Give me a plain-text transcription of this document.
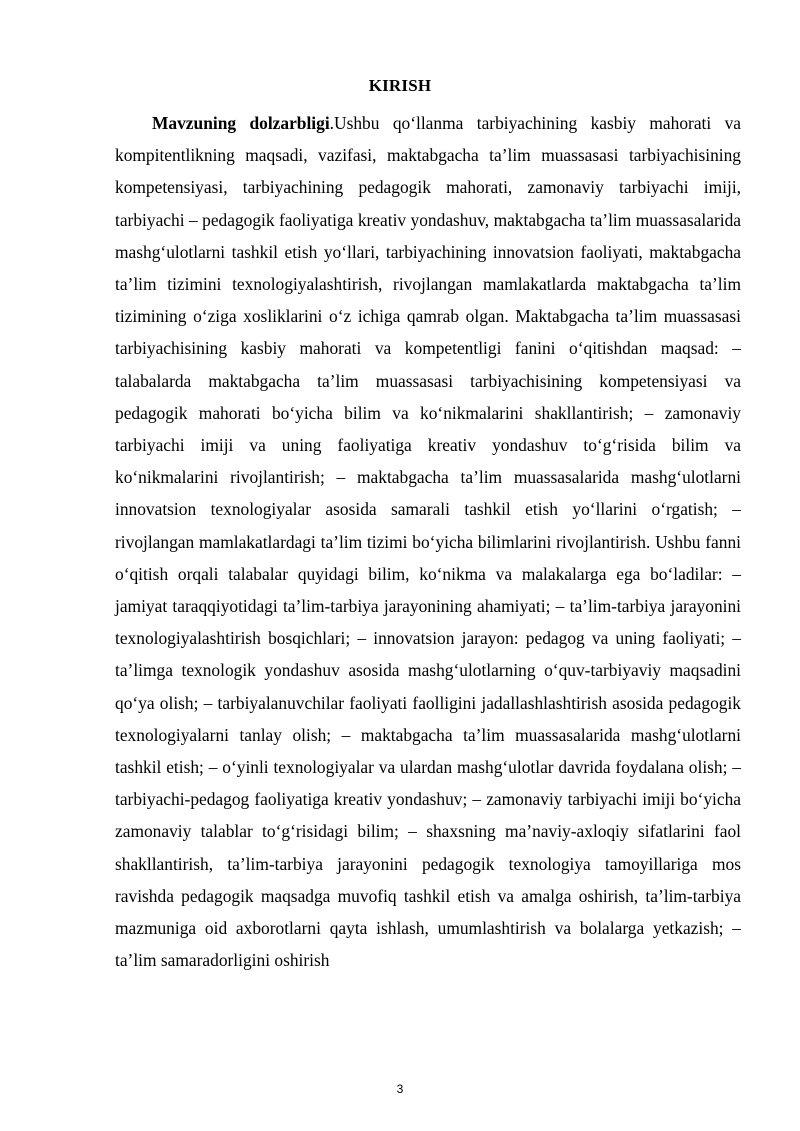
KIRISH

Mavzuning dolzarbligi.Ushbu qo‘llanma tarbiyachining kasbiy mahorati va kompitentlikning maqsadi, vazifasi, maktabgacha ta’lim muassasasi tarbiyachisining kompetensiyasi, tarbiyachining pedagogik mahorati, zamonaviy tarbiyachi imiji, tarbiyachi – pedagogik faoliyatiga kreativ yondashuv, maktabgacha ta’lim muassasalarida mashg‘ulotlarni tashkil etish yo‘llari, tarbiyachining innovatsion faoliyati, maktabgacha ta’lim tizimini texnologiyalashtirish, rivojlangan mamlakatlarda maktabgacha ta’lim tizimining o‘ziga xosliklarini o‘z ichiga qamrab olgan. Maktabgacha ta’lim muassasasi tarbiyachisining kasbiy mahorati va kompetentligi fanini o‘qitishdan maqsad: – talabalarda maktabgacha ta’lim muassasasi tarbiyachisining kompetensiyasi va pedagogik mahorati bo‘yicha bilim va ko‘nikmalarini shakllantirish; – zamonaviy tarbiyachi imiji va uning faoliyatiga kreativ yondashuv to‘g‘risida bilim va ko‘nikmalarini rivojlantirish; – maktabgacha ta’lim muassasalarida mashg‘ulotlarni innovatsion texnologiyalar asosida samarali tashkil etish yo‘llarini o‘rgatish; – rivojlangan mamlakatlardagi ta’lim tizimi bo‘yicha bilimlarini rivojlantirish. Ushbu fanni o‘qitish orqali talabalar quyidagi bilim, ko‘nikma va malakalarga ega bo‘ladilar: – jamiyat taraqqiyotidagi ta’lim-tarbiya jarayonining ahamiyati; – ta’lim-tarbiya jarayonini texnologiyalashtirish bosqichlari; – innovatsion jarayon: pedagog va uning faoliyati; – ta’limga texnologik yondashuv asosida mashg‘ulotlarning o‘quv-tarbiyaviy maqsadini qo‘ya olish; – tarbiyalanuvchilar faoliyati faolligini jadallashlashtirish asosida pedagogik texnologiyalarni tanlay olish; – maktabgacha ta’lim muassasalarida mashg‘ulotlarni tashkil etish; – o‘yinli texnologiyalar va ulardan mashg‘ulotlar davrida foydalana olish; – tarbiyachi-pedagog faoliyatiga kreativ yondashuv; – zamonaviy tarbiyachi imiji bo‘yicha zamonaviy talablar to‘g‘risidagi bilim; – shaxsning ma’naviy-axloqiy sifatlarini faol shakllantirish, ta’lim-tarbiya jarayonini pedagogik texnologiya tamoyillariga mos ravishda pedagogik maqsadga muvofiq tashkil etish va amalga oshirish, ta’lim-tarbiya mazmuniga oid axborotlarni qayta ishlash, umumlashtirish va bolalarga yetkazish; – ta’lim samaradorligini oshirish

3
